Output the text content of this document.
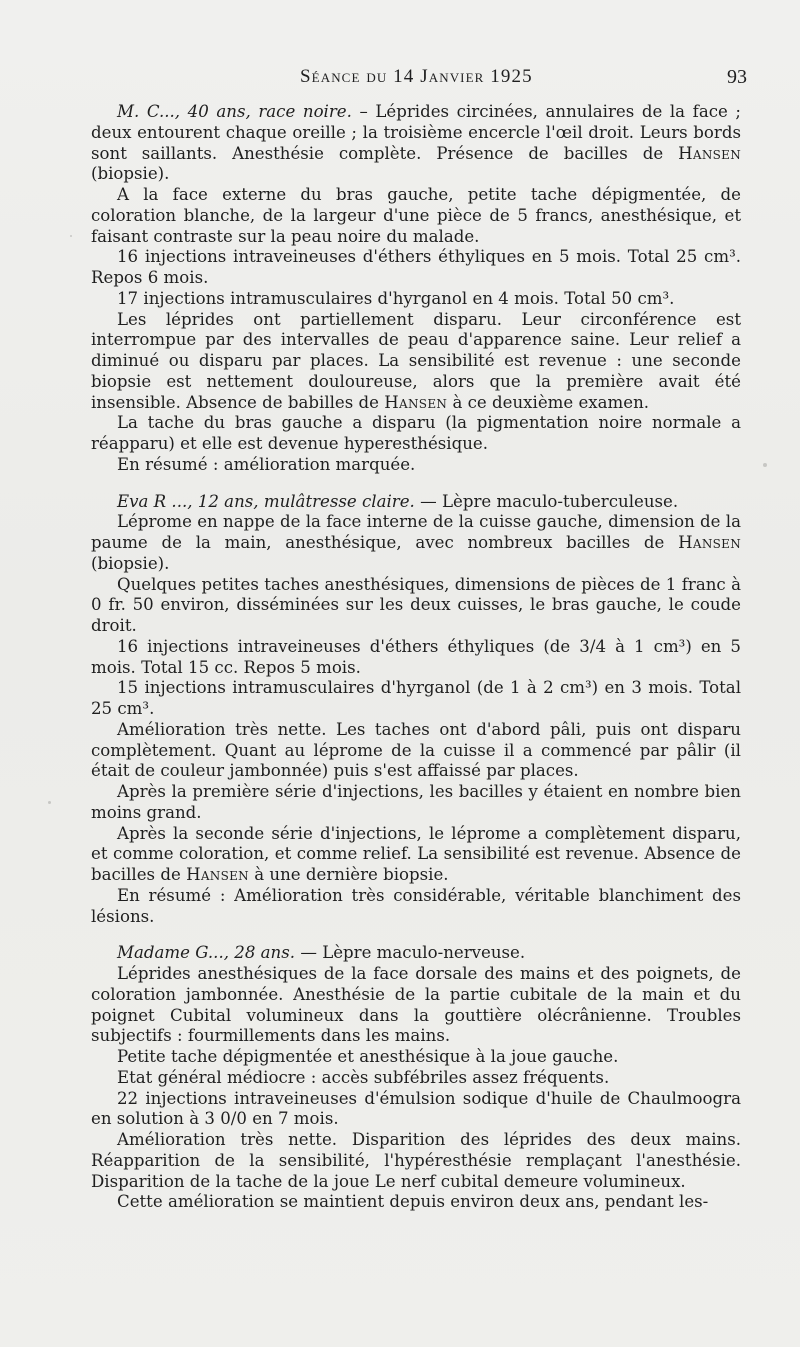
Séance du 14 Janvier 1925	93

M. C..., 40 ans, race noire. – Léprides circinées, annulaires de la face ; deux entourent chaque oreille ; la troisième encercle l'œil droit. Leurs bords sont saillants. Anesthésie complète. Présence de bacilles de Hansen (biopsie).

A la face externe du bras gauche, petite tache dépigmentée, de coloration blanche, de la largeur d'une pièce de 5 francs, anesthésique, et faisant contraste sur la peau noire du malade.

16 injections intraveineuses d'éthers éthyliques en 5 mois. Total 25 cm³. Repos 6 mois.

17 injections intramusculaires d'hyrganol en 4 mois. Total 50 cm³.

Les léprides ont partiellement disparu. Leur circonférence est interrompue par des intervalles de peau d'apparence saine. Leur relief a diminué ou disparu par places. La sensibilité est revenue : une seconde biopsie est nettement douloureuse, alors que la première avait été insensible. Absence de babilles de Hansen à ce deuxième examen.

La tache du bras gauche a disparu (la pigmentation noire normale a réapparu) et elle est devenue hyperesthésique.

En résumé : amélioration marquée.

Eva R ..., 12 ans, mulâtresse claire. — Lèpre maculo-tuberculeuse.

Léprome en nappe de la face interne de la cuisse gauche, dimension de la paume de la main, anesthésique, avec nombreux bacilles de Hansen (biopsie).

Quelques petites taches anesthésiques, dimensions de pièces de 1 franc à 0 fr. 50 environ, disséminées sur les deux cuisses, le bras gauche, le coude droit.

16 injections intraveineuses d'éthers éthyliques (de 3/4 à 1 cm³) en 5 mois. Total 15 cc. Repos 5 mois.

15 injections intramusculaires d'hyrganol (de 1 à 2 cm³) en 3 mois. Total 25 cm³.

Amélioration très nette. Les taches ont d'abord pâli, puis ont disparu complètement. Quant au léprome de la cuisse il a commencé par pâlir (il était de couleur jambonnée) puis s'est affaissé par places.

Après la première série d'injections, les bacilles y étaient en nombre bien moins grand.

Après la seconde série d'injections, le léprome a complètement disparu, et comme coloration, et comme relief. La sensibilité est revenue. Absence de bacilles de Hansen à une dernière biopsie.

En résumé : Amélioration très considérable, véritable blanchiment des lésions.

Madame G..., 28 ans. — Lèpre maculo-nerveuse.

Léprides anesthésiques de la face dorsale des mains et des poignets, de coloration jambonnée. Anesthésie de la partie cubitale de la main et du poignet Cubital volumineux dans la gouttière olécrânienne. Troubles subjectifs : fourmillements dans les mains.

Petite tache dépigmentée et anesthésique à la joue gauche.

Etat général médiocre : accès subfébriles assez fréquents.

22 injections intraveineuses d'émulsion sodique d'huile de Chaulmoogra en solution à 3 0/0 en 7 mois.

Amélioration très nette. Disparition des léprides des deux mains. Réapparition de la sensibilité, l'hypéresthésie remplaçant l'anesthésie. Disparition de la tache de la joue Le nerf cubital demeure volumineux.

Cette amélioration se maintient depuis environ deux ans, pendant les-
